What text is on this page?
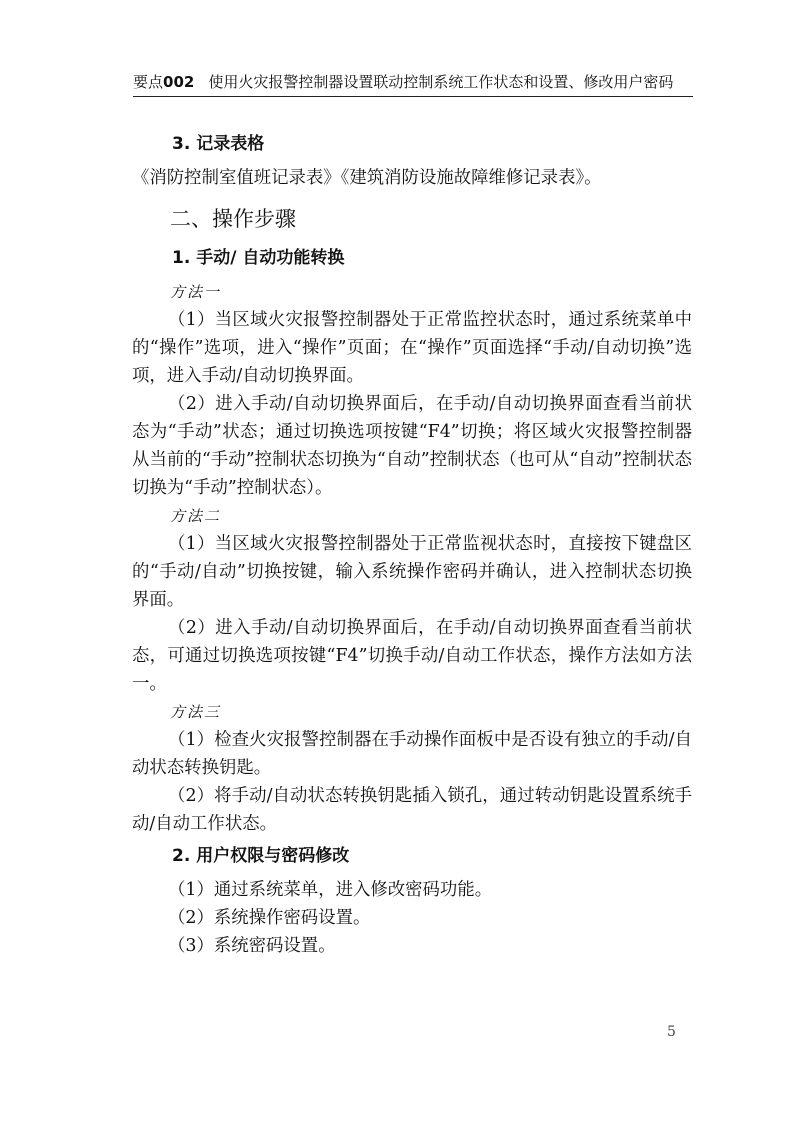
要点002 使用火灾报警控制器设置联动控制系统工作状态和设置、修改用户密码
3. 记录表格

《消防控制室值班记录表》《建筑消防设施故障维修记录表》。

二、操作步骤
1. 手动/ 自动功能转换
方法一

（1）当区域火灾报警控制器处于正常监控状态时，通过系统菜单中的“操作”选项，进入“操作”页面；在“操作”页面选择“手动/自动切换”选项，进入手动/自动切换界面。

（2）进入手动/自动切换界面后，在手动/自动切换界面查看当前状态为“手动”状态；通过切换选项按键“F4”切换；将区域火灾报警控制器从当前的“手动”控制状态切换为“自动”控制状态（也可从“自动”控制状态切换为“手动”控制状态）。

方法二

（1）当区域火灾报警控制器处于正常监视状态时，直接按下键盘区的“手动/自动”切换按键，输入系统操作密码并确认，进入控制状态切换界面。

（2）进入手动/自动切换界面后，在手动/自动切换界面查看当前状态，可通过切换选项按键“F4”切换手动/自动工作状态，操作方法如方法一。

方法三

（1）检查火灾报警控制器在手动操作面板中是否设有独立的手动/自动状态转换钥匙。

（2）将手动/自动状态转换钥匙插入锁孔，通过转动钥匙设置系统手动/自动工作状态。

2. 用户权限与密码修改

（1）通过系统菜单，进入修改密码功能。

（2）系统操作密码设置。

（3）系统密码设置。

5
